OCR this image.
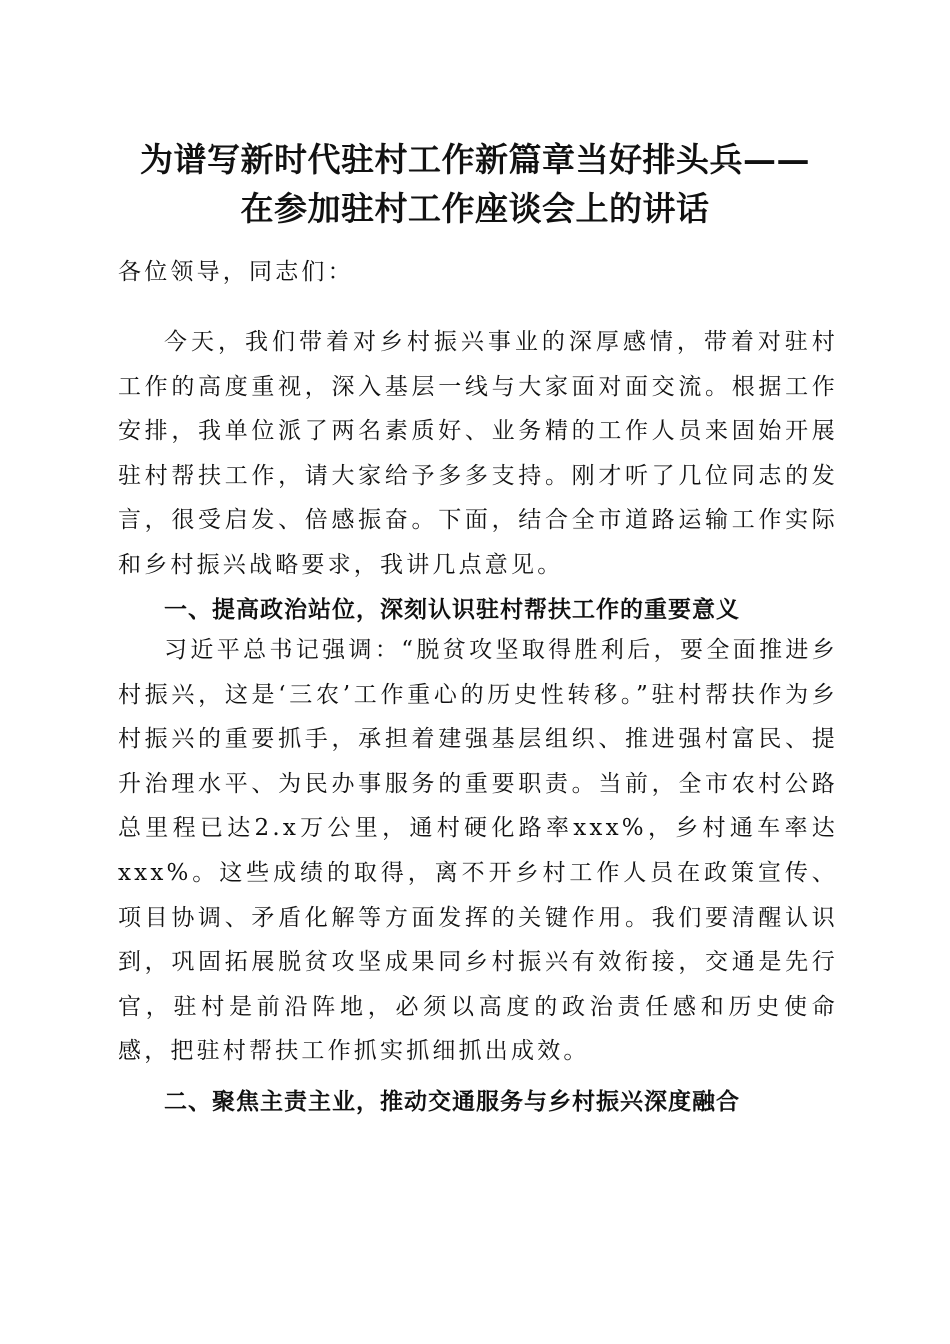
为谱写新时代驻村工作新篇章当好排头兵——
在参加驻村工作座谈会上的讲话

各位领导，同志们：

今天，我们带着对乡村振兴事业的深厚感情，带着对驻村工作的高度重视，深入基层一线与大家面对面交流。根据工作安排，我单位派了两名素质好、业务精的工作人员来固始开展驻村帮扶工作，请大家给予多多支持。刚才听了几位同志的发言，很受启发、倍感振奋。下面，结合全市道路运输工作实际和乡村振兴战略要求，我讲几点意见。

一、提高政治站位，深刻认识驻村帮扶工作的重要意义

习近平总书记强调：“脱贫攻坚取得胜利后，要全面推进乡村振兴，这是‘三农’工作重心的历史性转移。”驻村帮扶作为乡村振兴的重要抓手，承担着建强基层组织、推进强村富民、提升治理水平、为民办事服务的重要职责。当前，全市农村公路总里程已达2.x万公里，通村硬化路率xxx%，乡村通车率达xxx%。这些成绩的取得，离不开乡村工作人员在政策宣传、项目协调、矛盾化解等方面发挥的关键作用。我们要清醒认识到，巩固拓展脱贫攻坚成果同乡村振兴有效衔接，交通是先行官，驻村是前沿阵地，必须以高度的政治责任感和历史使命感，把驻村帮扶工作抓实抓细抓出成效。

二、聚焦主责主业，推动交通服务与乡村振兴深度融合
